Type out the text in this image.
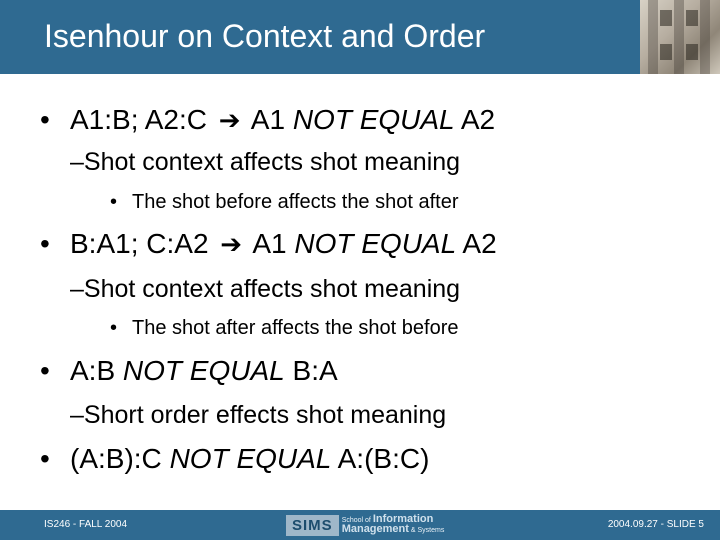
Isenhour on Context and Order
• A1:B; A2:C ➔ A1 NOT EQUAL A2
–Shot context affects shot meaning
• The shot before affects the shot after
• B:A1; C:A2 ➔ A1 NOT EQUAL A2
–Shot context affects shot meaning
• The shot after affects the shot before
• A:B NOT EQUAL B:A
–Short order effects shot meaning
• (A:B):C NOT EQUAL A:(B:C)
IS246 - FALL 2004	SIMS	School of Information
Management & Systems
2004.09.27 - SLIDE 5
